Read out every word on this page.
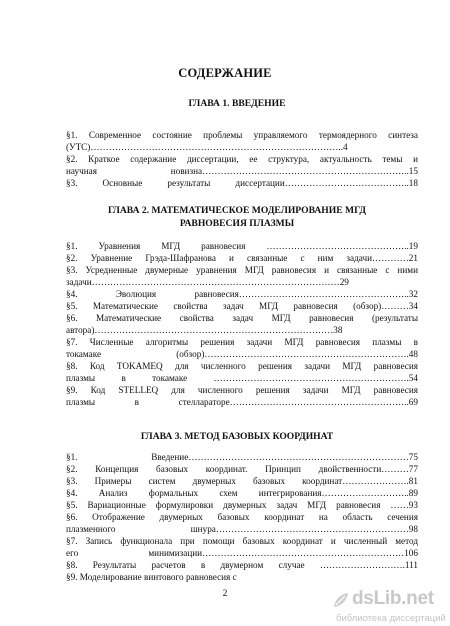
СОДЕРЖАНИЕ
ГЛАВА 1. ВВЕДЕНИЕ
§1. Современное состояние проблемы управляемого термоядерного синтеза
(УТС)………………………………………………………………………..4
§2. Краткое содержание диссертации, ее структура, актуальность темы и
научная новизна…………………………………………………………..15
§3. Основные результаты диссертации…………………………………..18
ГЛАВА 2. МАТЕМАТИЧЕСКОЕ МОДЕЛИРОВАНИЕ МГД
РАВНОВЕСИЯ ПЛАЗМЫ
§1. Уравнения МГД равновесия ………………………………………..19
§2. Уравнение Грэда-Шафранова и связанные с ним задачи…………21
§3. Усредненные двумерные уравнения МГД равновесия и связанные с ними
задачи………………………………………………………………………29
§4. Эволюция равновесия………………………………………………..32
§5. Математические свойства задач МГД равновесия (обзор)………34
§6. Математические свойства задач МГД равновесия (результаты
автора)……………………………………………………………………38
§7. Численные алгоритмы решения задачи МГД равновесия плазмы в
токамаке (обзор)………………………………………………………….48
§8. Код TOKAMEQ для численного решения задачи МГД равновесия
плазмы в токамаке ……………………………………………………….54
§9. Код STELLEQ для численного решения задачи МГД равновесия
плазмы в стеллараторе…………………………………………………..69
ГЛАВА 3. МЕТОД БАЗОВЫХ КООРДИНАТ
§1. Введение………………………………………………………………75
§2. Концепция базовых координат. Принцип двойственности………77
§3. Примеры систем двумерных базовых координат………………….81
§4. Анализ формальных схем интегрирования………………………..89
§5. Вариационные формулировки двумерных задач МГД равновесия ……93
§6. Отображение двумерных базовых координат на область сечения
плазменного шнура………………………………………………………98
§7. Запись функционала при помощи базовых координат и численный метод
его минимизации…………………………………………………………106
§8. Результаты расчетов в двумерном случае ……………………….111
§9. Моделирование винтового равновесия с
2	dsLib.net
библиотека диссертаций
